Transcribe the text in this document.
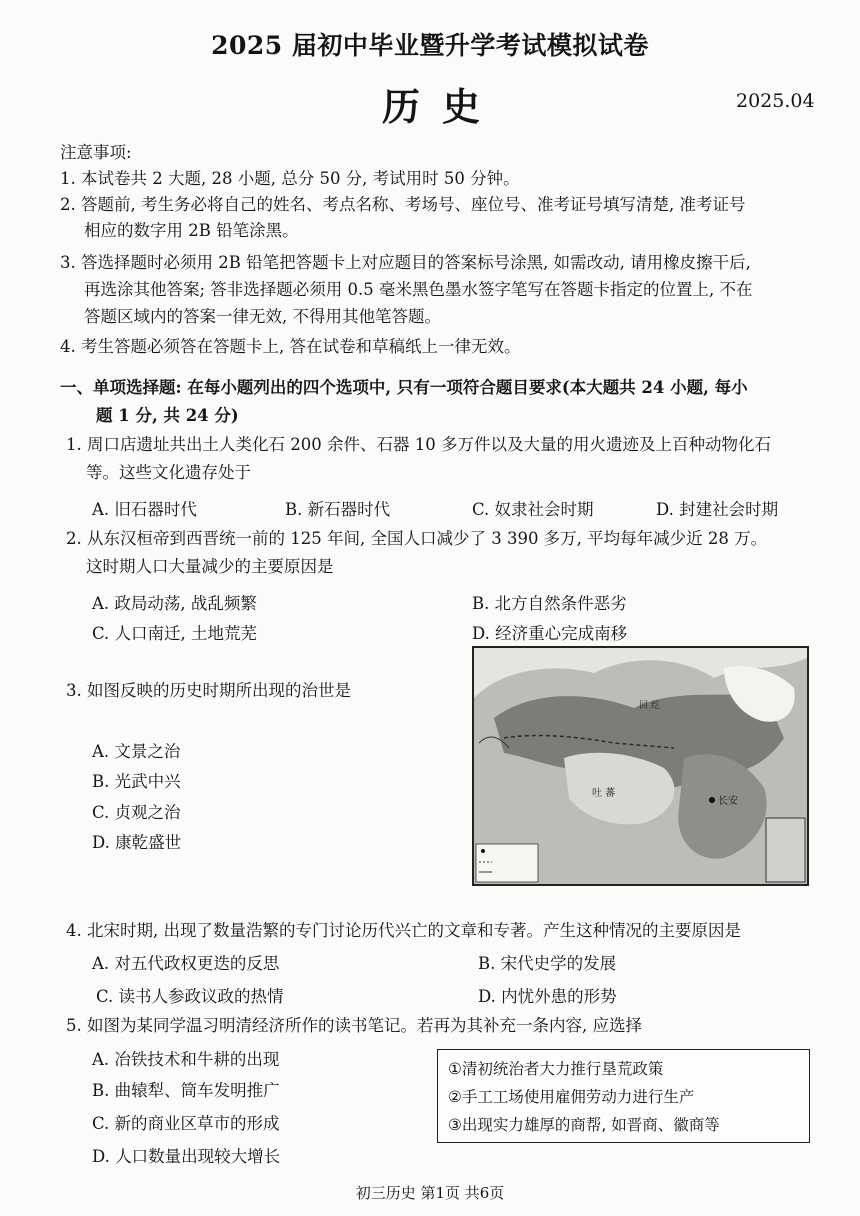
2025 届初中毕业暨升学考试模拟试卷
历史	2025.04
注意事项:
1. 本试卷共 2 大题, 28 小题, 总分 50 分, 考试用时 50 分钟。
2. 答题前, 考生务必将自己的姓名、考点名称、考场号、座位号、准考证号填写清楚, 准考证号
相应的数字用 2B 铅笔涂黑。
3. 答选择题时必须用 2B 铅笔把答题卡上对应题目的答案标号涂黑, 如需改动, 请用橡皮擦干后,
再选涂其他答案; 答非选择题必须用 0.5 毫米黑色墨水签字笔写在答题卡指定的位置上, 不在
答题区域内的答案一律无效, 不得用其他笔答题。
4. 考生答题必须答在答题卡上, 答在试卷和草稿纸上一律无效。
一、单项选择题: 在每小题列出的四个选项中, 只有一项符合题目要求(本大题共 24 小题, 每小
题 1 分, 共 24 分)
1. 周口店遗址共出土人类化石 200 余件、石器 10 多万件以及大量的用火遗迹及上百种动物化石
等。这些文化遗存处于
A. 旧石器时代	B. 新石器时代	C. 奴隶社会时期	D. 封建社会时期
2. 从东汉桓帝到西晋统一前的 125 年间, 全国人口减少了 3 390 多万, 平均每年减少近 28 万。
这时期人口大量减少的主要原因是
A. 政局动荡, 战乱频繁	B. 北方自然条件恶劣
C. 人口南迁, 土地荒芜	D. 经济重心完成南移
3. 如图反映的历史时期所出现的治世是
A. 文景之治
B. 光武中兴
C. 贞观之治
D. 康乾盛世
长安
吐 蕃
回 纥
4. 北宋时期, 出现了数量浩繁的专门讨论历代兴亡的文章和专著。产生这种情况的主要原因是
A. 对五代政权更迭的反思	B. 宋代史学的发展
C. 读书人参政议政的热情	D. 内忧外患的形势
5. 如图为某同学温习明清经济所作的读书笔记。若再为其补充一条内容, 应选择
A. 冶铁技术和牛耕的出现
B. 曲辕犁、筒车发明推广
C. 新的商业区草市的形成
D. 人口数量出现较大增长
①清初统治者大力推行垦荒政策
②手工工场使用雇佣劳动力进行生产
③出现实力雄厚的商帮, 如晋商、徽商等
初三历史 第1页 共6页
